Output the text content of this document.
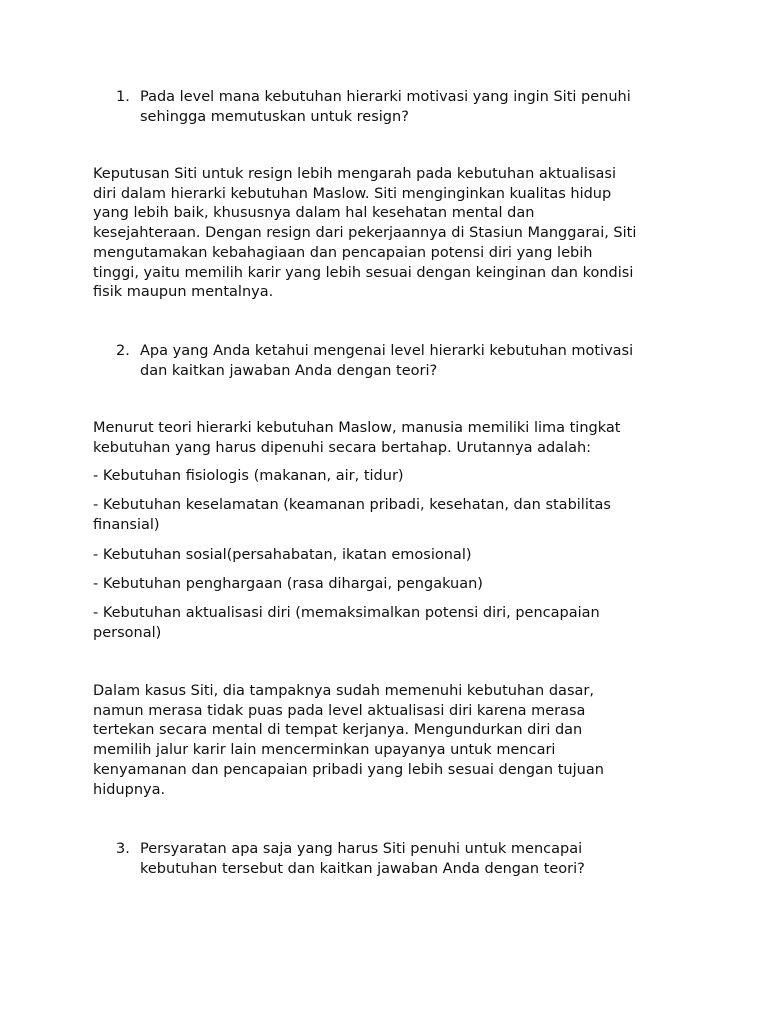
1. Pada level mana kebutuhan hierarki motivasi yang ingin Siti penuhi
sehingga memutuskan untuk resign?
Keputusan Siti untuk resign lebih mengarah pada kebutuhan aktualisasi
diri dalam hierarki kebutuhan Maslow. Siti menginginkan kualitas hidup
yang lebih baik, khususnya dalam hal kesehatan mental dan
kesejahteraan. Dengan resign dari pekerjaannya di Stasiun Manggarai, Siti
mengutamakan kebahagiaan dan pencapaian potensi diri yang lebih
tinggi, yaitu memilih karir yang lebih sesuai dengan keinginan dan kondisi
fisik maupun mentalnya.
2. Apa yang Anda ketahui mengenai level hierarki kebutuhan motivasi
dan kaitkan jawaban Anda dengan teori?
Menurut teori hierarki kebutuhan Maslow, manusia memiliki lima tingkat
kebutuhan yang harus dipenuhi secara bertahap. Urutannya adalah:
- Kebutuhan fisiologis (makanan, air, tidur)
- Kebutuhan keselamatan (keamanan pribadi, kesehatan, dan stabilitas
finansial)
- Kebutuhan sosial(persahabatan, ikatan emosional)
- Kebutuhan penghargaan (rasa dihargai, pengakuan)
- Kebutuhan aktualisasi diri (memaksimalkan potensi diri, pencapaian
personal)
Dalam kasus Siti, dia tampaknya sudah memenuhi kebutuhan dasar,
namun merasa tidak puas pada level aktualisasi diri karena merasa
tertekan secara mental di tempat kerjanya. Mengundurkan diri dan
memilih jalur karir lain mencerminkan upayanya untuk mencari
kenyamanan dan pencapaian pribadi yang lebih sesuai dengan tujuan
hidupnya.
3. Persyaratan apa saja yang harus Siti penuhi untuk mencapai
kebutuhan tersebut dan kaitkan jawaban Anda dengan teori?
